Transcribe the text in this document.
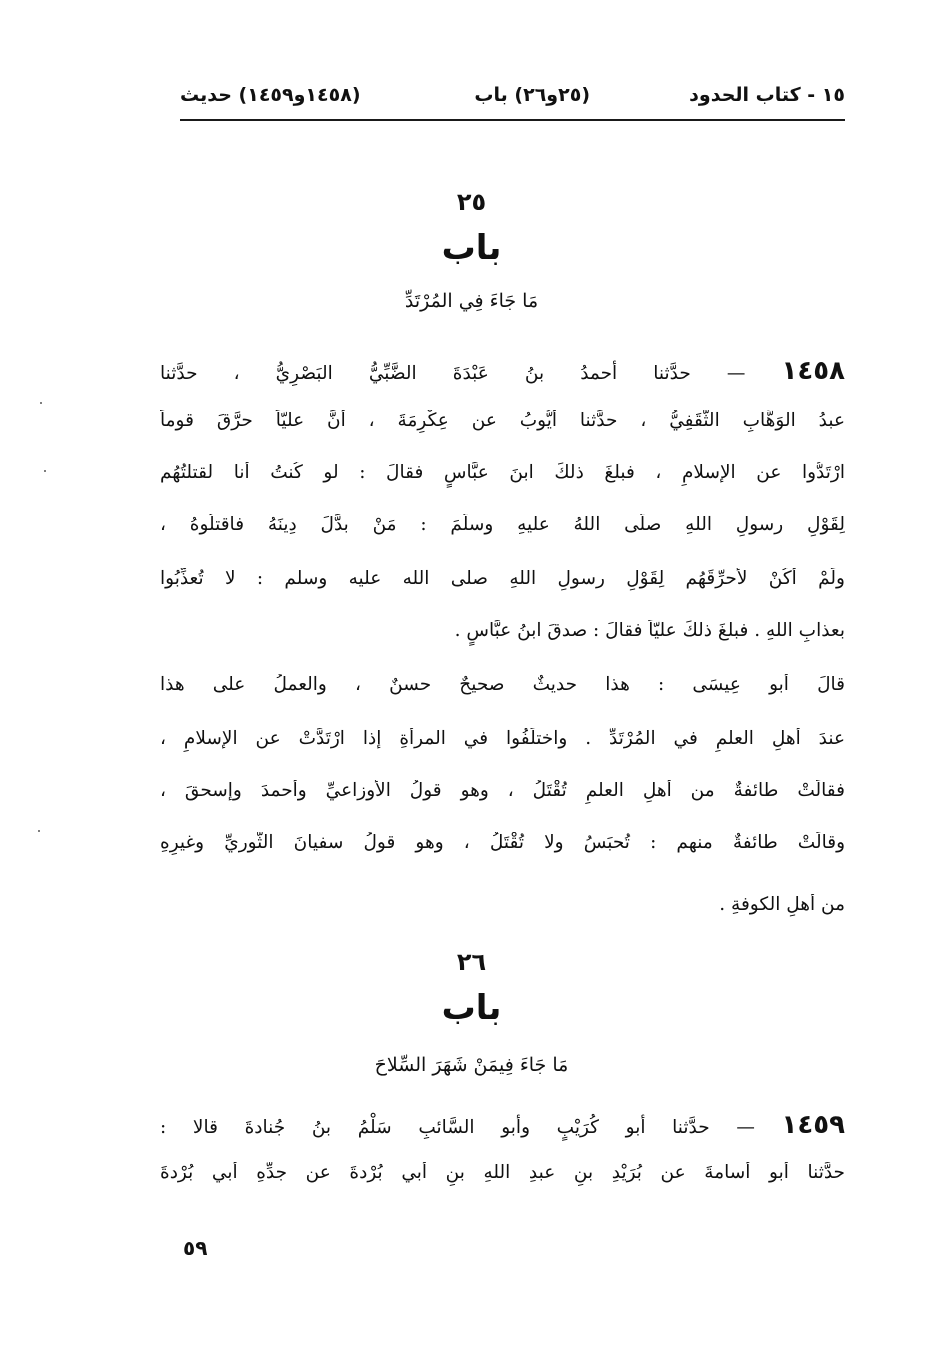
١٥ - كتاب الحدود
(٢٥و٢٦) باب
(١٤٥٨و١٤٥٩) حديث
٢٥
باب
مَا جَاءَ فِي المُرْتَدِّ
١٤٥٨ — حدَّثنا أحمدُ بنُ عَبْدَةَ الضَّبِّيُّ البَصْرِيُّ ، حدَّثنا
عبدُ الوَهَّابِ الثَّقَفِيُّ ، حدَّثنا أيُّوبُ عن عِكْرِمَةَ ، أنَّ عليّاً حرَّقَ قوماً
ارْتَدُّوا عن الإسلامِ ، فبلغَ ذلكَ ابنَ عبَّاسٍ فقالَ : لو كُنتُ أنا لقتلتُهُم
لِقَوْلِ رسولِ اللهِ صلَّى اللهُ عليهِ وسلَّمَ : مَنْ بدَّلَ دِينَهُ فاقتلُوهُ ،
ولَمْ أكُنْ لأُحرِّقَهُم لِقَوْلِ رسولِ اللهِ صلى الله عليه وسلم : لا تُعذِّبُوا
بعذابِ اللهِ . فبلغَ ذلكَ عليّاً فقالَ : صدقَ ابنُ عبَّاسٍ .
قالَ أبو عِيسَى : هذا حديثٌ صحيحٌ حسنٌ ، والعملُ على هذا
عندَ أهلِ العلمِ في المُرْتَدِّ . واختلَفُوا في المرأةِ إذا ارْتَدَّتْ عن الإسلامِ ،
فقالَتْ طائفةٌ من أهلِ العلمِ تُقْتَلُ ، وهو قولُ الأوزاعيِّ وأحمدَ وإسحقَ ،
وقالَتْ طائفةٌ منهم : تُحبَسُ ولا تُقْتَلُ ، وهو قولُ سفيانَ الثَّوريِّ وغيرِهِ
من أهلِ الكوفةِ .
٢٦
باب
مَا جَاءَ فِيمَنْ شَهَرَ السِّلاحَ
١٤٥٩ — حدَّثنا أبو كُرَيْبٍ وأبو السَّائبِ سَلْمُ بنُ جُنادةَ قالا :
حدَّثنا أبو أُسامةَ عن بُرَيْدِ بنِ عبدِ اللهِ بنِ أبي بُرْدةَ عن جدِّهِ أبي بُرْدةَ
٥٩
